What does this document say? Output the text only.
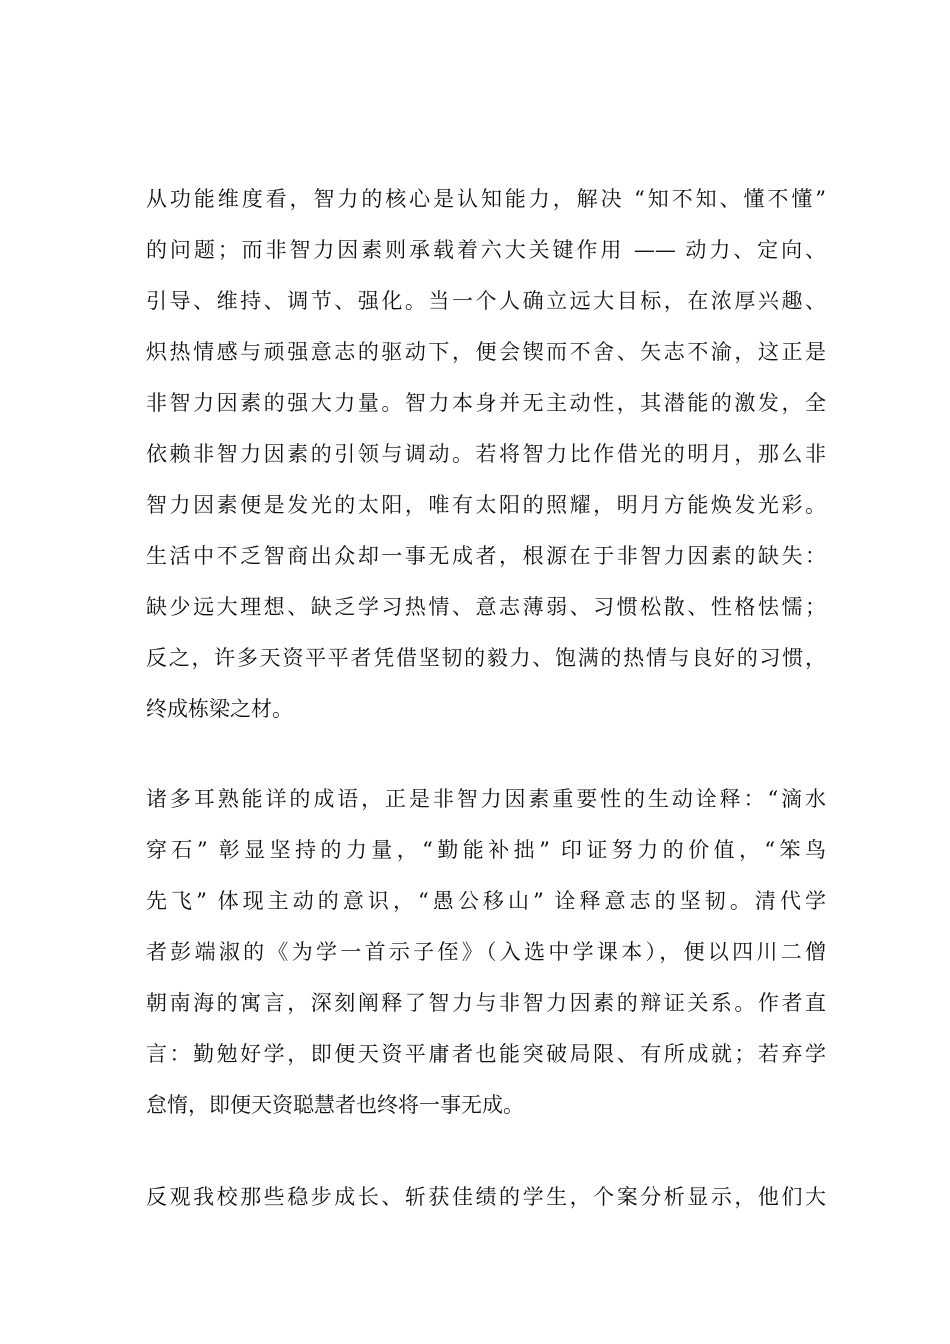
从功能维度看，智力的核心是认知能力，解决 “知不知、懂不懂”
的问题；而非智力因素则承载着六大关键作用 —— 动力、定向、
引导、维持、调节、强化。当一个人确立远大目标，在浓厚兴趣、
炽热情感与顽强意志的驱动下，便会锲而不舍、矢志不渝，这正是
非智力因素的强大力量。智力本身并无主动性，其潜能的激发，全
依赖非智力因素的引领与调动。若将智力比作借光的明月，那么非
智力因素便是发光的太阳，唯有太阳的照耀，明月方能焕发光彩。
生活中不乏智商出众却一事无成者，根源在于非智力因素的缺失：
缺少远大理想、缺乏学习热情、意志薄弱、习惯松散、性格怯懦；
反之，许多天资平平者凭借坚韧的毅力、饱满的热情与良好的习惯，
终成栋梁之材。
诸多耳熟能详的成语，正是非智力因素重要性的生动诠释：“滴水
穿石” 彰显坚持的力量，“勤能补拙” 印证努力的价值，“笨鸟
先飞” 体现主动的意识，“愚公移山” 诠释意志的坚韧。清代学
者彭端淑的《为学一首示子侄》（入选中学课本），便以四川二僧
朝南海的寓言，深刻阐释了智力与非智力因素的辩证关系。作者直
言：勤勉好学，即便天资平庸者也能突破局限、有所成就；若弃学
怠惰，即便天资聪慧者也终将一事无成。
反观我校那些稳步成长、斩获佳绩的学生，个案分析显示，他们大
